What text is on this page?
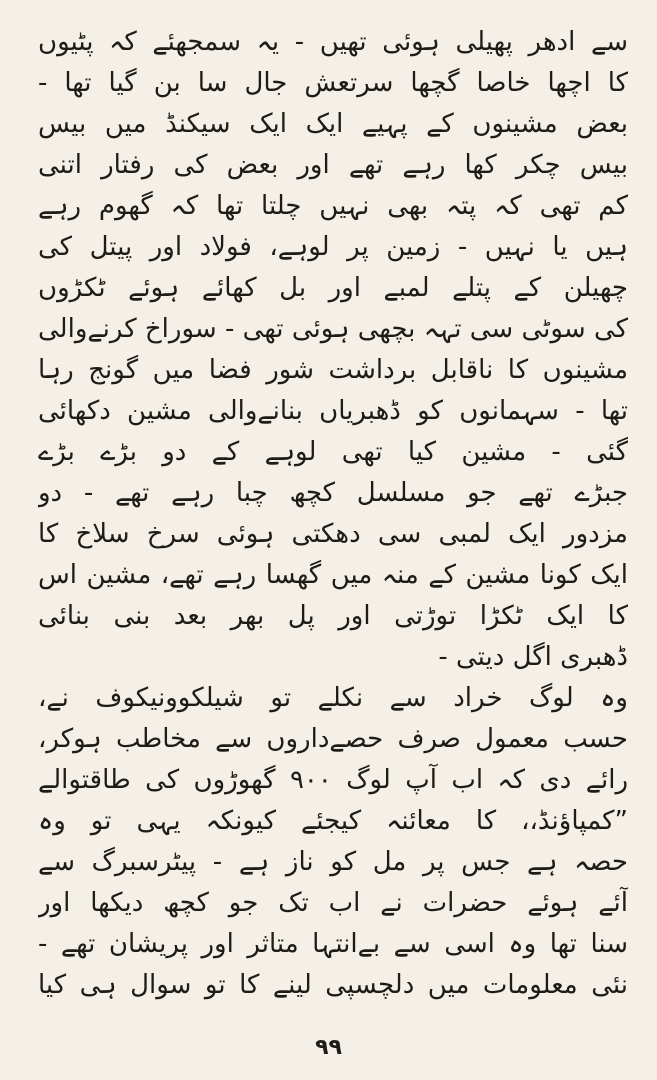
سے ادھر پھیلی ہوئی تھیں - یہ سمجھئے کہ پٹیوں
کا اچھا خاصا گچھا سرتعش جال سا بن گیا تھا -
بعض مشینوں کے پہیے ایک ایک سیکنڈ میں بیس
بیس چکر کھا رہے تھے اور بعض کی رفتار اتنی
کم تھی کہ پتہ بھی نہیں چلتا تھا کہ گھوم رہے
ہیں یا نہیں - زمین پر لوہے، فولاد اور پیتل کی
چھیلن کے پتلے لمبے اور بل کھائے ہوئے ٹکڑوں
کی سوٹی سی تہہ بچھی ہوئی تھی - سوراخ کرنےوالی
مشینوں کا ناقابل برداشت شور فضا میں گونج رہا
تھا - سہمانوں کو ڈھبریاں بنانےوالی مشین دکھائی
گئی - مشین کیا تھی لوہے کے دو بڑے بڑے
جبڑے تھے جو مسلسل کچھ چبا رہے تھے - دو
مزدور ایک لمبی سی دھکتی ہوئی سرخ سلاخ کا
ایک کونا مشین کے منہ میں گھسا رہے تھے، مشین اس
کا ایک ٹکڑا توڑتی اور پل بھر بعد بنی بنائی
ڈھبری اگل دیتی -
وہ لوگ خراد سے نکلے تو شیلکوونیکوف نے،
حسب معمول صرف حصےداروں سے مخاطب ہوکر،
رائے دی کہ اب آپ لوگ ۹۰۰ گھوڑوں کی طاقتوالے
”کمپاؤنڈ،، کا معائنہ کیجئے کیونکہ یہی تو وہ
حصہ ہے جس پر مل کو ناز ہے - پیٹرسبرگ سے
آئے ہوئے حضرات نے اب تک جو کچھ دیکھا اور
سنا تھا وہ اسی سے بےانتہا متاثر اور پریشان تھے -
نئی معلومات میں دلچسپی لینے کا تو سوال ہی کیا
۹۹
